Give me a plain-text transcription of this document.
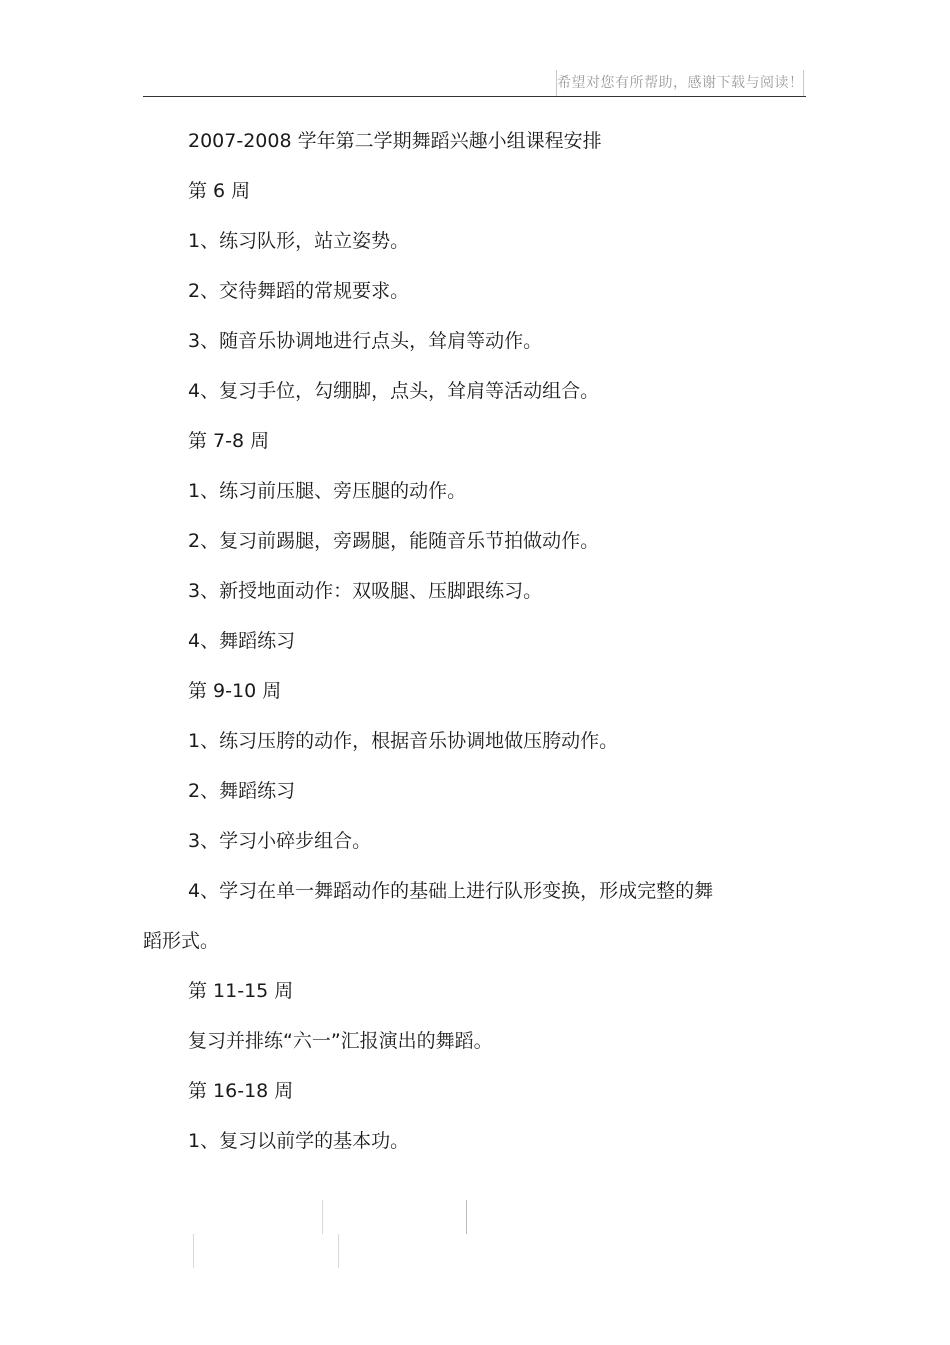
希望对您有所帮助，感谢下载与阅读！
2007-2008 学年第二学期舞蹈兴趣小组课程安排
第 6 周
1、练习队形，站立姿势。
2、交待舞蹈的常规要求。
3、随音乐协调地进行点头，耸肩等动作。
4、复习手位，勾绷脚，点头，耸肩等活动组合。
第 7-8 周
1、练习前压腿、旁压腿的动作。
2、复习前踢腿，旁踢腿，能随音乐节拍做动作。
3、新授地面动作：双吸腿、压脚跟练习。
4、舞蹈练习
第 9-10 周
1、练习压胯的动作，根据音乐协调地做压胯动作。
2、舞蹈练习
3、学习小碎步组合。
4、学习在单一舞蹈动作的基础上进行队形变换，形成完整的舞
蹈形式。
第 11-15 周
复习并排练“六一”汇报演出的舞蹈。
第 16-18 周
1、复习以前学的基本功。
